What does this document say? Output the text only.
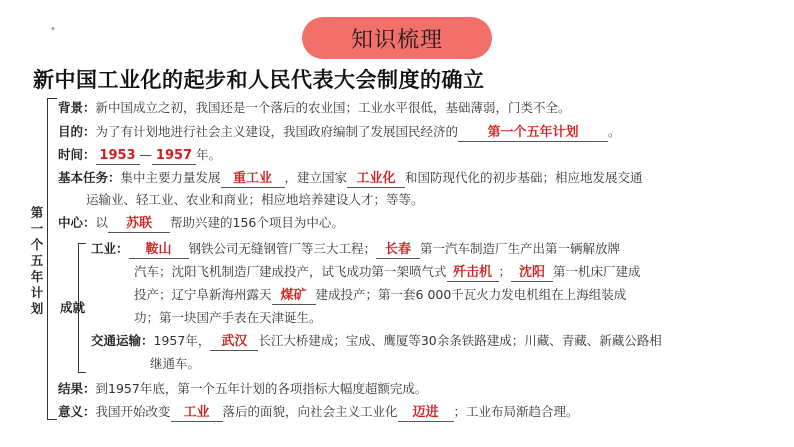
•	知识梳理
新中国工业化的起步和人民代表大会制度的确立
第
一
个
五
年
计
划
背景：新中国成立之初，我国还是一个落后的农业国；工业水平很低，基础薄弱，门类不全。
目的：为了有计划地进行社会主义建设，我国政府编制了发展国民经济的 第一个五年计划 。
时间： 1953 — 1957 年。
基本任务：集中主要力量发展 重工业 ，建立国家 工业化 和国防现代化的初步基础；相应地发展交通
运输业、轻工业、农业和商业；相应地培养建设人才；等等。
中心：以 苏联 帮助兴建的156个项目为中心。
成就
工业： 鞍山 钢铁公司无缝钢管厂等三大工程； 长春 第一汽车制造厂生产出第一辆解放牌
汽车；沈阳飞机制造厂建成投产，试飞成功第一架喷气式 歼击机 ； 沈阳 第一机床厂建成
投产；辽宁阜新海州露天 煤矿 建成投产；第一套6 000千瓦火力发电机组在上海组装成
功；第一块国产手表在天津诞生。
交通运输：1957年， 武汉 长江大桥建成；宝成、鹰厦等30余条铁路建成；川藏、青藏、新藏公路相
继通车。
结果：到1957年底，第一个五年计划的各项指标大幅度超额完成。
意义：我国开始改变 工业 落后的面貌，向社会主义工业化 迈进 ；工业布局渐趋合理。
